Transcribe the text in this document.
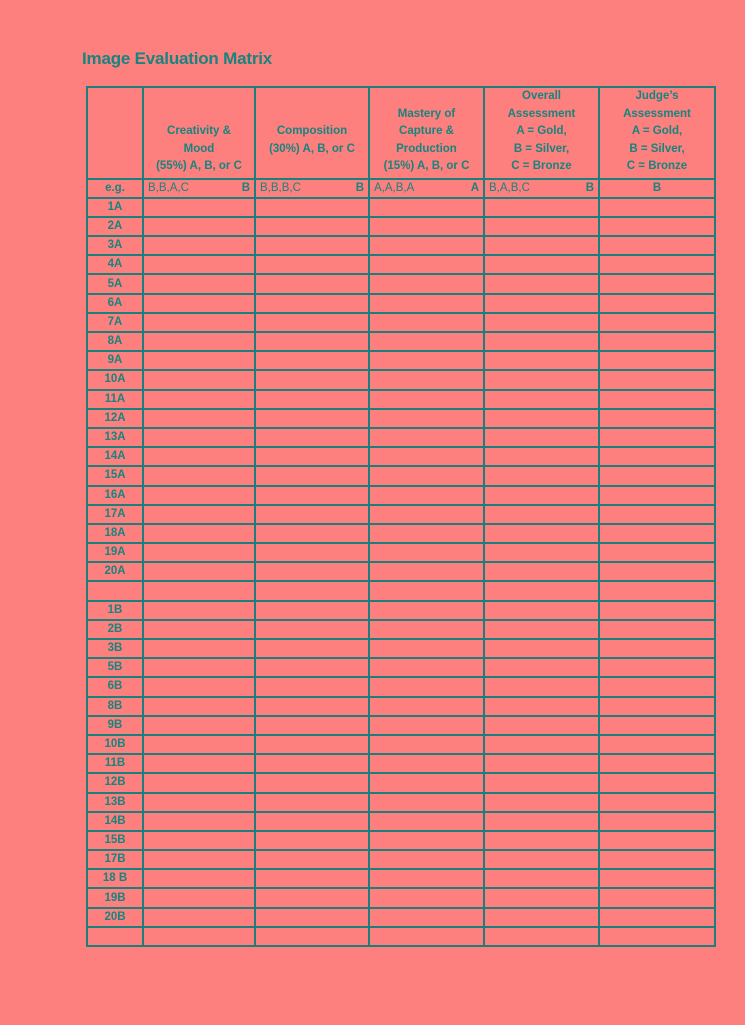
Image Evaluation Matrix
	Creativity &
Mood
(55%) A, B, or C	Composition
(30%) A, B, or C	Mastery of
Capture &
Production
(15%) A, B, or C	Overall
Assessment
A = Gold,
B = Silver,
C = Bronze	Judge’s
Assessment
A = Gold,
B = Silver,
C = Bronze
e.g.	B,B,A,C B	B,B,B,C B	A,A,B,A A	B,A,B,C B	B
1A					
2A					
3A					
4A					
5A					
6A					
7A					
8A					
9A					
10A					
11A					
12A					
13A					
14A					
15A					
16A					
17A					
18A					
19A					
20A					

1B					
2B					
3B					
5B					
6B					
8B					
9B					
10B					
11B					
12B					
13B					
14B					
15B					
17B					
18 B					
19B					
20B					
